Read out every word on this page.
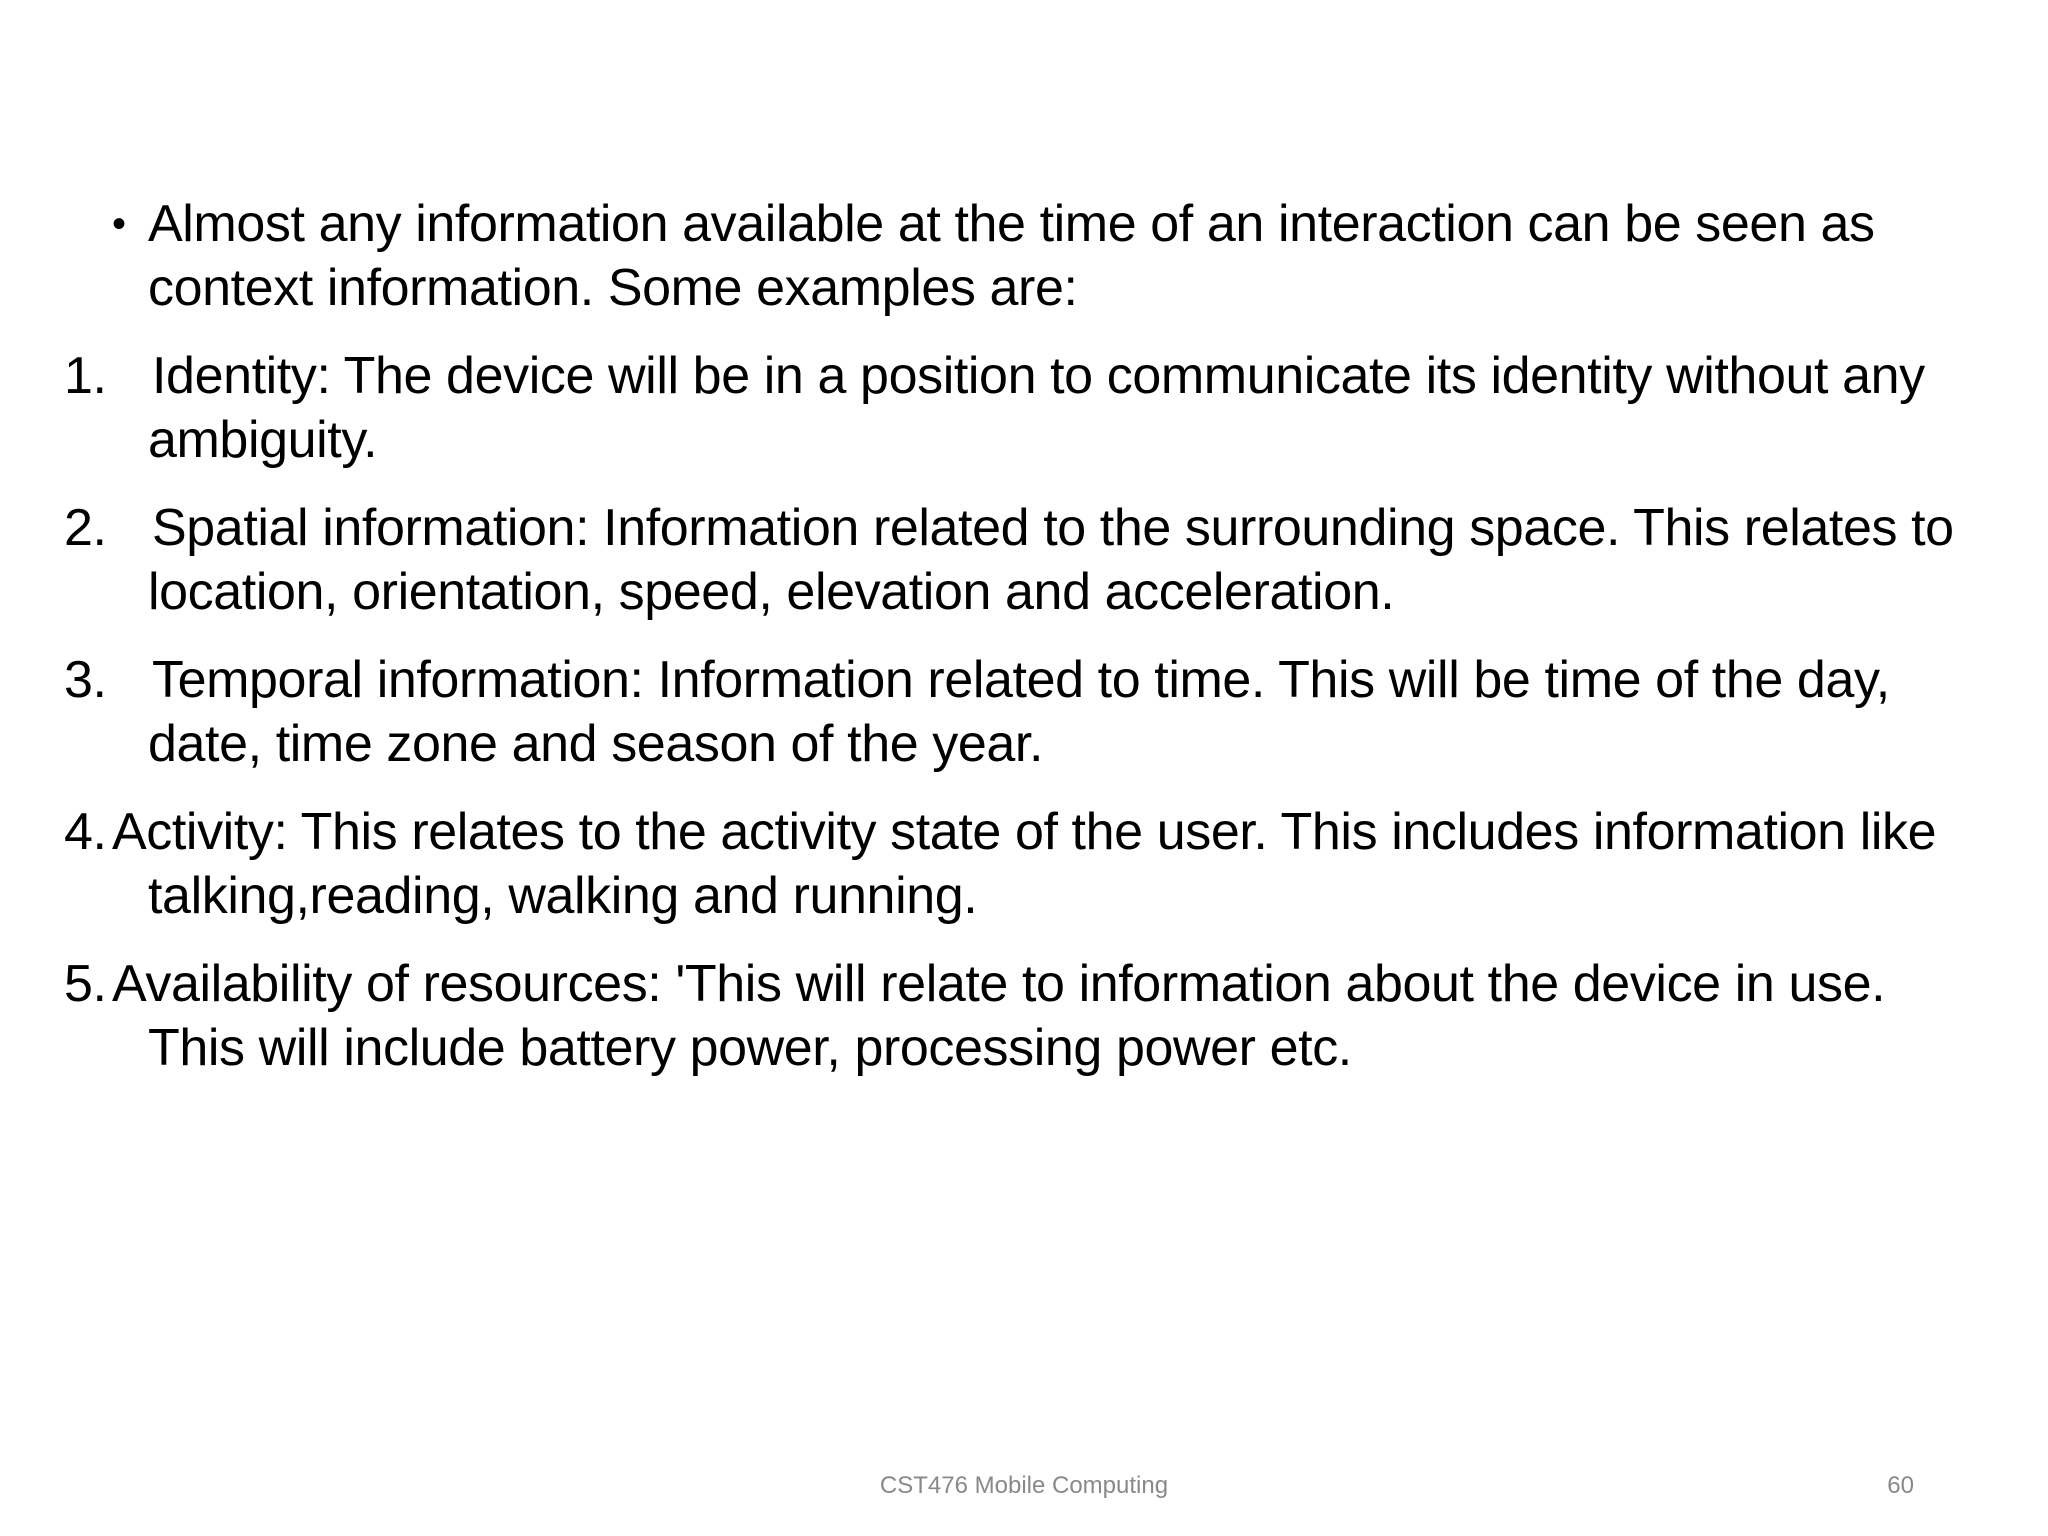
• Almost any information available at the time of an interaction can be seen as context information. Some examples are:
1. Identity: The device will be in a position to communicate its identity without any ambiguity.
2. Spatial information: Information related to the surrounding space. This relates to location, orientation, speed, elevation and acceleration.
3. Temporal information: Information related to time. This will be time of the day, date, time zone and season of the year.
4. Activity: This relates to the activity state of the user. This includes information like talking,reading, walking and running.
5. Availability of resources: 'This will relate to information about the device in use. This will include battery power, processing power etc.
CST476 Mobile Computing	60
